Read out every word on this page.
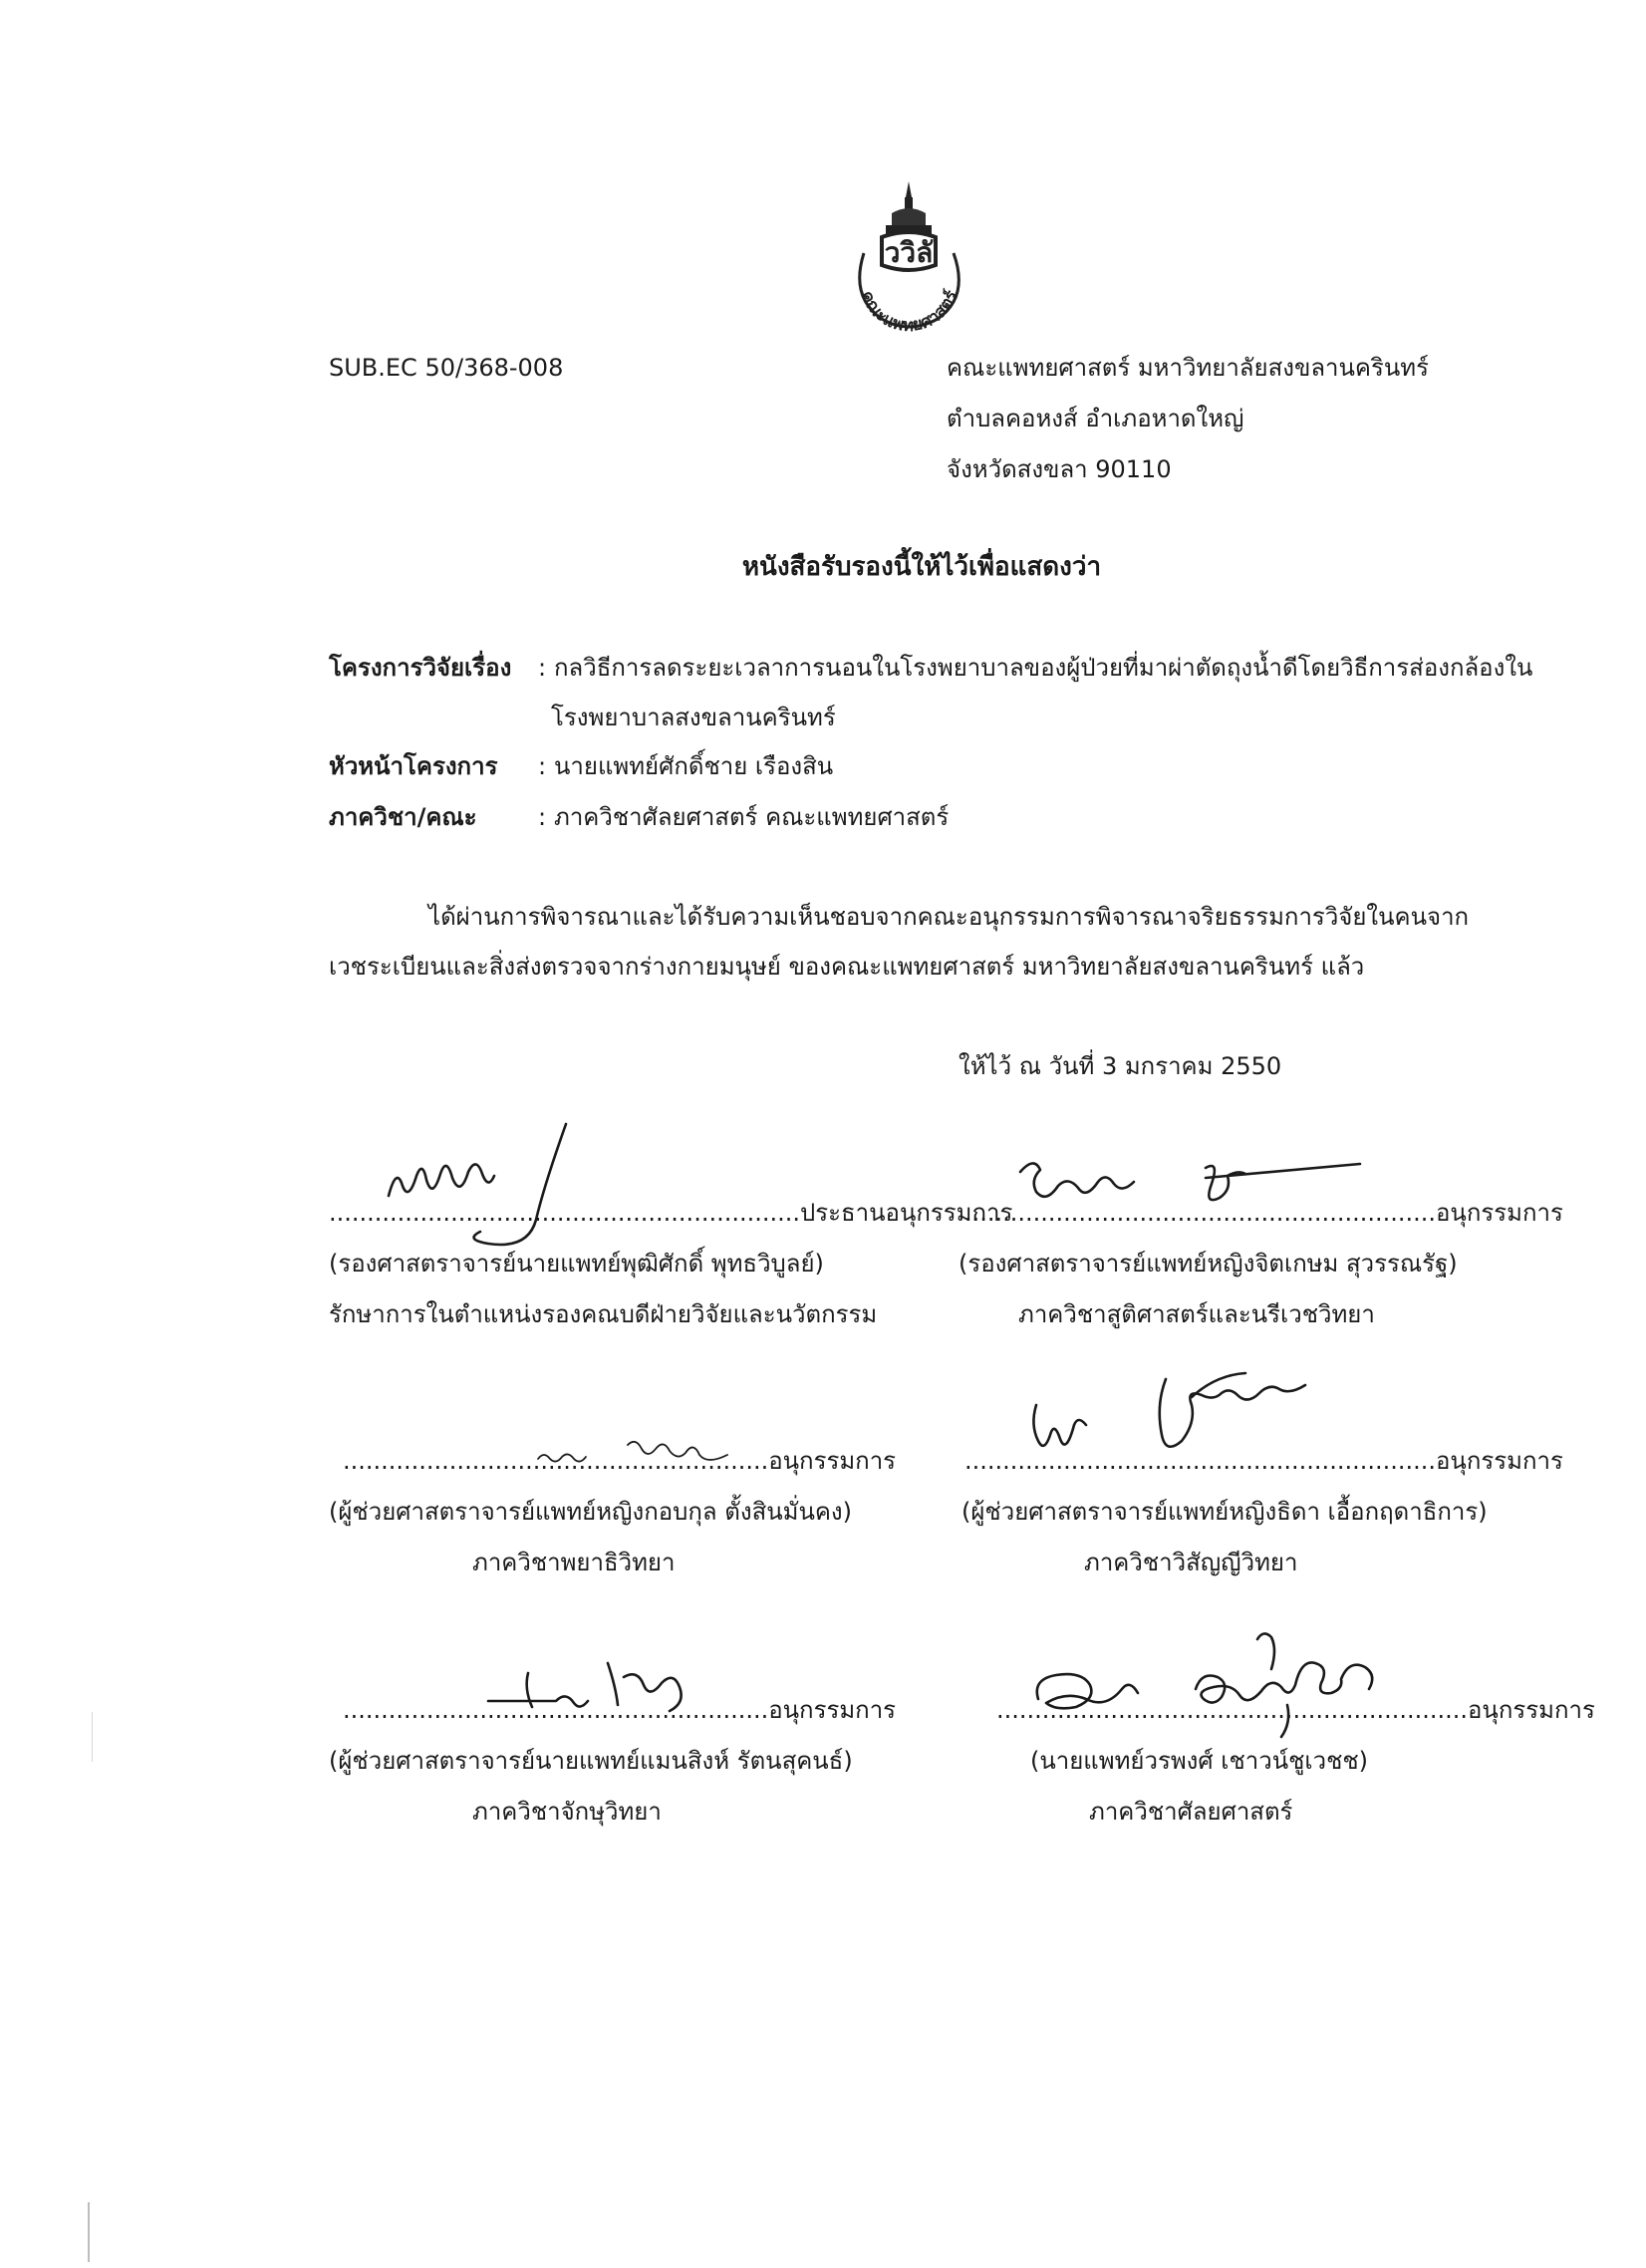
ววิลั
คณะแพทยศาสตร์
SUB.EC 50/368-008	คณะแพทยศาสตร์ มหาวิทยาลัยสงขลานครินทร์
ตำบลคอหงส์ อำเภอหาดใหญ่
จังหวัดสงขลา 90110
หนังสือรับรองนี้ให้ไว้เพื่อแสดงว่า
โครงการวิจัยเรื่อง : กลวิธีการลดระยะเวลาการนอนในโรงพยาบาลของผู้ป่วยที่มาผ่าตัดถุงน้ำดีโดยวิธีการส่องกล้องใน
โรงพยาบาลสงขลานครินทร์
หัวหน้าโครงการ : นายแพทย์ศักดิ์ชาย เรืองสิน
ภาควิชา/คณะ	: ภาควิชาศัลยศาสตร์ คณะแพทยศาสตร์
ได้ผ่านการพิจารณาและได้รับความเห็นชอบจากคณะอนุกรรมการพิจารณาจริยธรรมการวิจัยในคนจาก
เวชระเบียนและสิ่งส่งตรวจจากร่างกายมนุษย์ ของคณะแพทยศาสตร์ มหาวิทยาลัยสงขลานครินทร์ แล้ว
ให้ไว้ ณ วันที่ 3 มกราคม 2550
..............................................................ประธานอนุกรรมการ
(รองศาสตราจารย์นายแพทย์พุฒิศักดิ์ พุทธวิบูลย์)
รักษาการในตำแหน่งรองคณบดีฝ่ายวิจัยและนวัตกรรม
..............................................................อนุกรรมการ
(รองศาสตราจารย์แพทย์หญิงจิตเกษม สุวรรณรัฐ)
ภาควิชาสูติศาสตร์และนรีเวชวิทยา
........................................................อนุกรรมการ
(ผู้ช่วยศาสตราจารย์แพทย์หญิงกอบกุล ตั้งสินมั่นคง)
ภาควิชาพยาธิวิทยา
..............................................................อนุกรรมการ
(ผู้ช่วยศาสตราจารย์แพทย์หญิงธิดา เอื้อกฤดาธิการ)
ภาควิชาวิสัญญีวิทยา
........................................................อนุกรรมการ
(ผู้ช่วยศาสตราจารย์นายแพทย์แมนสิงห์ รัตนสุคนธ์)
ภาควิชาจักษุวิทยา
..............................................................อนุกรรมการ
(นายแพทย์วรพงศ์ เชาวน์ชูเวชช)
ภาควิชาศัลยศาสตร์
